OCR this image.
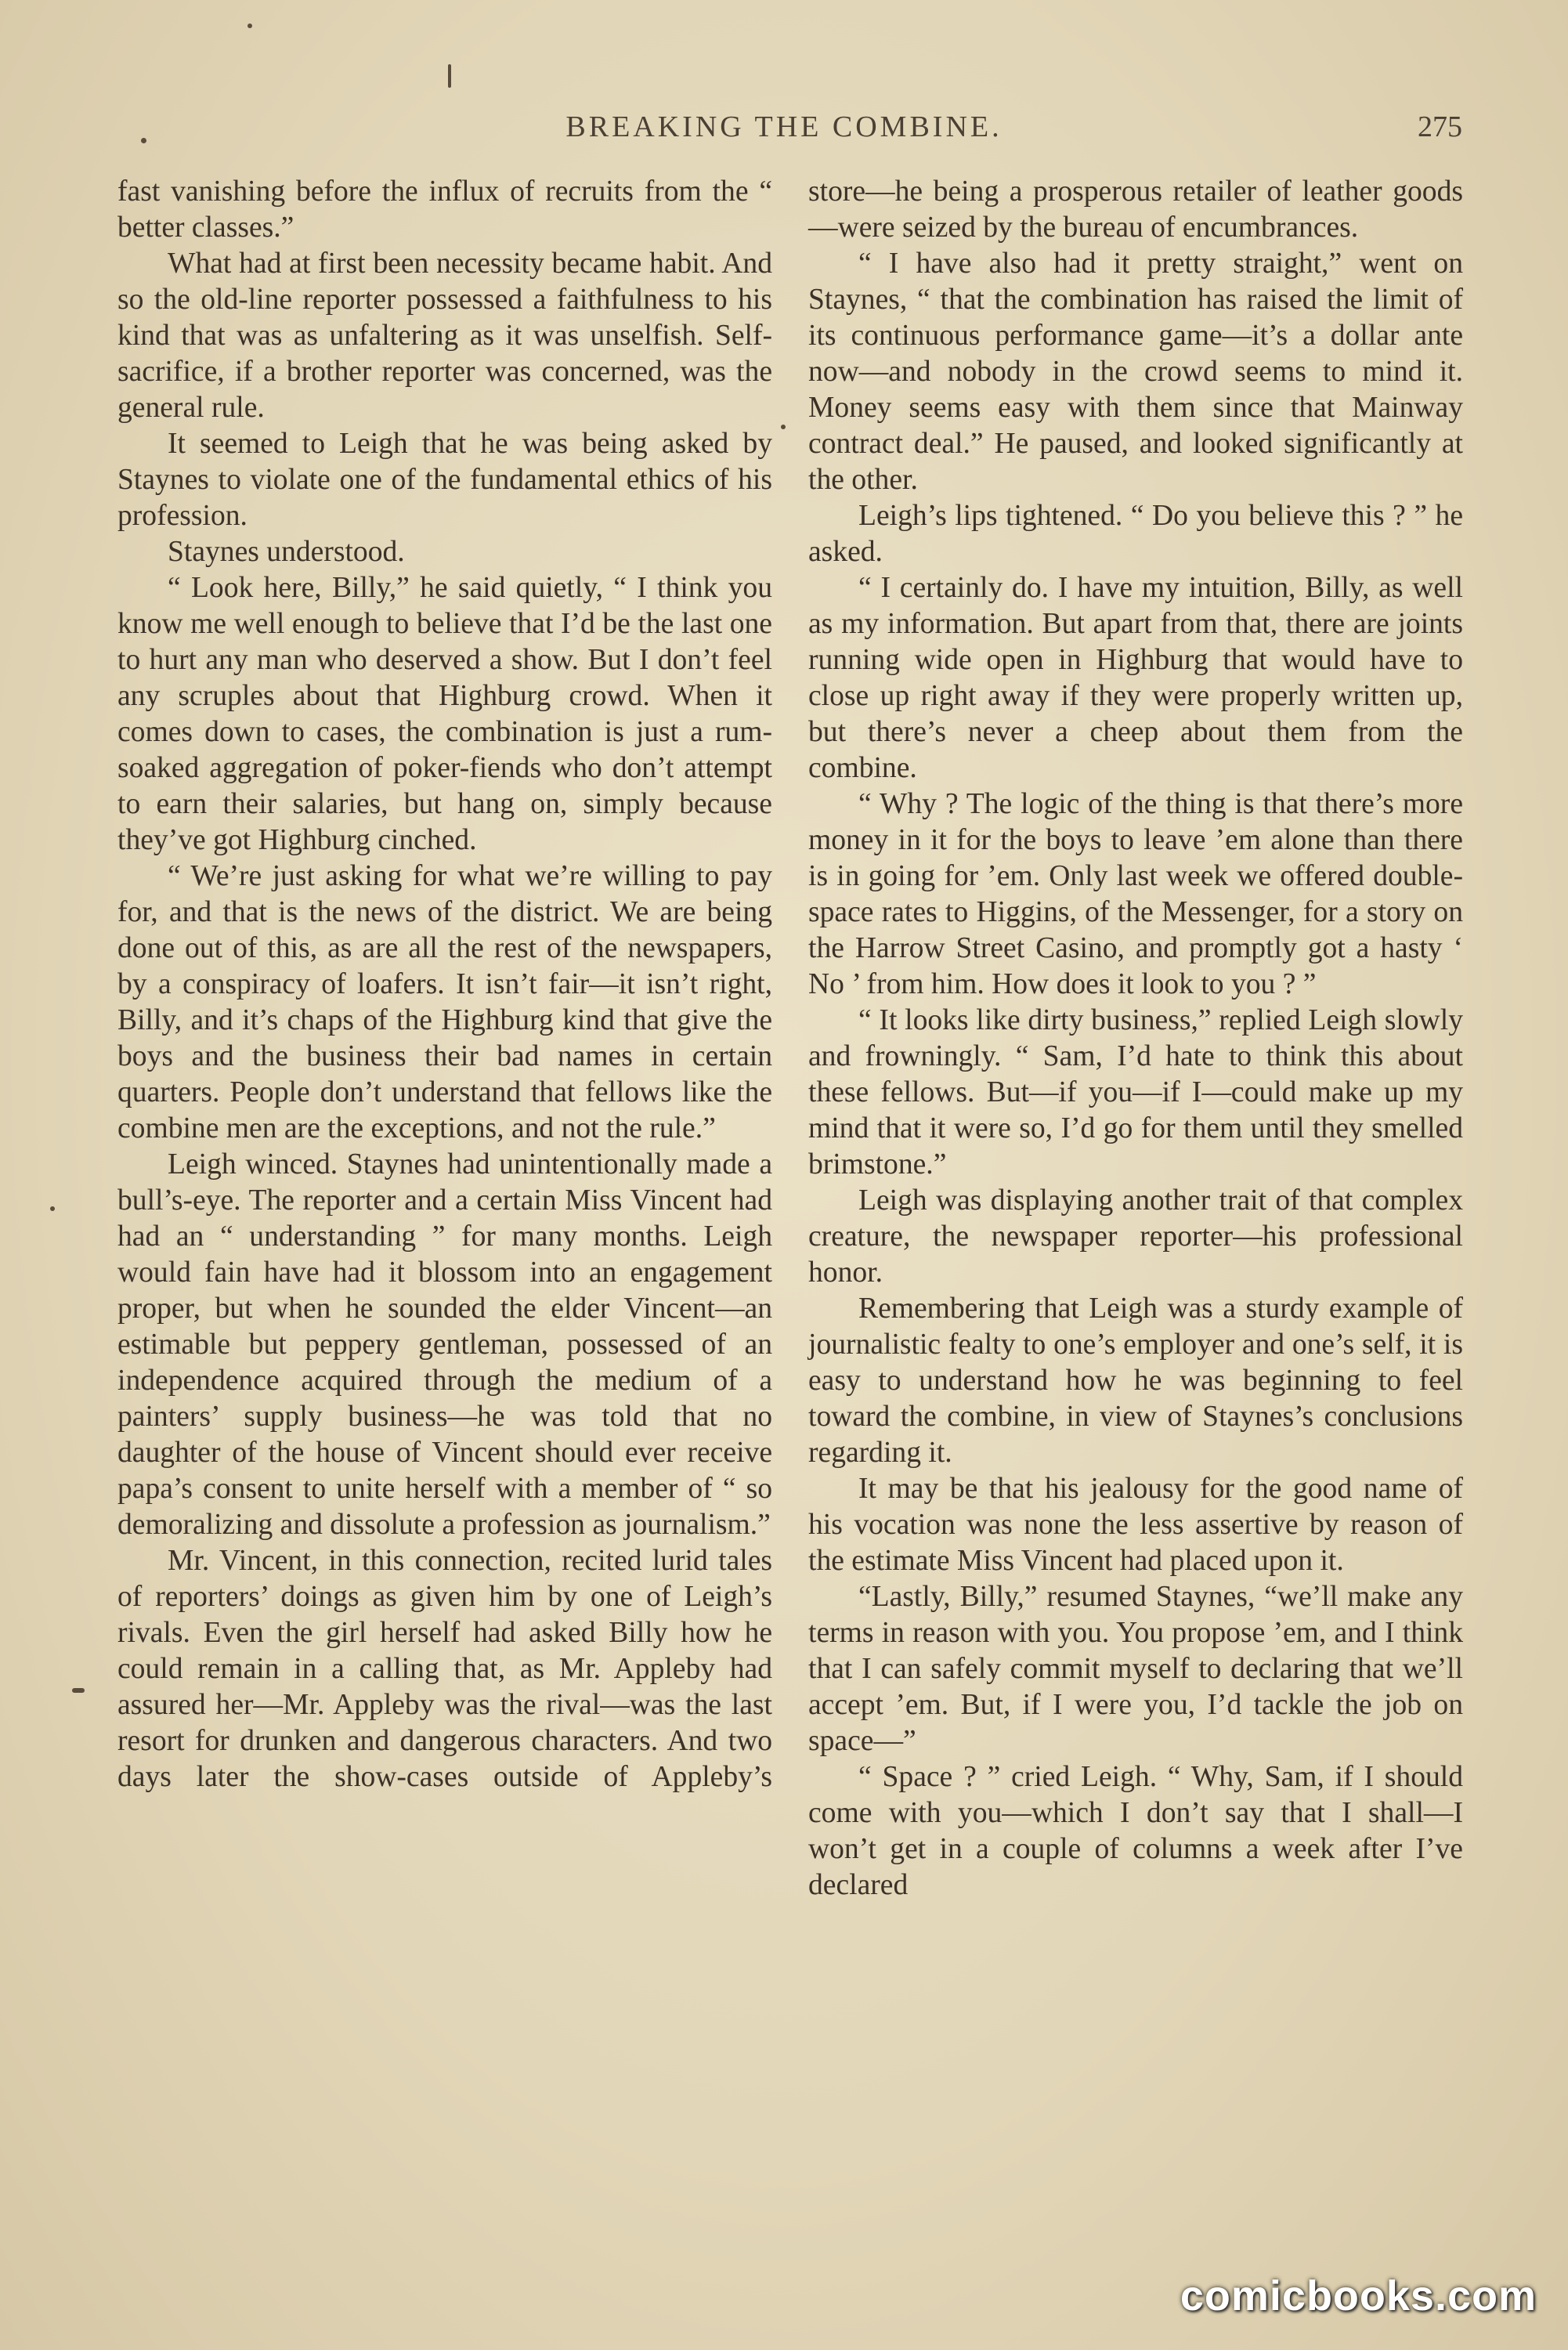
BREAKING THE COMBINE.	275

fast vanishing before the influx of recruits from the “ better classes.”

What had at first been necessity became habit. And so the old-line reporter possessed a faithfulness to his kind that was as unfaltering as it was unselfish. Self-sacrifice, if a brother reporter was concerned, was the general rule.

It seemed to Leigh that he was being asked by Staynes to violate one of the fundamental ethics of his profession.

Staynes understood.

“ Look here, Billy,” he said quietly, “ I think you know me well enough to believe that I’d be the last one to hurt any man who deserved a show. But I don’t feel any scruples about that Highburg crowd. When it comes down to cases, the combination is just a rum-soaked aggregation of poker-fiends who don’t attempt to earn their salaries, but hang on, simply because they’ve got Highburg cinched.

“ We’re just asking for what we’re willing to pay for, and that is the news of the district. We are being done out of this, as are all the rest of the newspapers, by a conspiracy of loafers. It isn’t fair—it isn’t right, Billy, and it’s chaps of the Highburg kind that give the boys and the business their bad names in certain quarters. People don’t understand that fellows like the combine men are the exceptions, and not the rule.”

Leigh winced. Staynes had unintentionally made a bull’s-eye. The reporter and a certain Miss Vincent had had an “ understanding ” for many months. Leigh would fain have had it blossom into an engagement proper, but when he sounded the elder Vincent—an estimable but peppery gentleman, possessed of an independence acquired through the medium of a painters’ supply business—he was told that no daughter of the house of Vincent should ever receive papa’s consent to unite herself with a member of “ so demoralizing and dissolute a profession as journalism.”

Mr. Vincent, in this connection, recited lurid tales of reporters’ doings as given him by one of Leigh’s rivals. Even the girl herself had asked Billy how he could remain in a calling that, as Mr. Appleby had assured her—Mr. Appleby was the rival—was the last resort for drunken and dangerous characters. And two days later the show-cases outside of Appleby’s

store—he being a prosperous retailer of leather goods—were seized by the bureau of encumbrances.

“ I have also had it pretty straight,” went on Staynes, “ that the combination has raised the limit of its continuous performance game—it’s a dollar ante now—and nobody in the crowd seems to mind it. Money seems easy with them since that Mainway contract deal.” He paused, and looked significantly at the other.

Leigh’s lips tightened. “ Do you believe this ? ” he asked.

“ I certainly do. I have my intuition, Billy, as well as my information. But apart from that, there are joints running wide open in Highburg that would have to close up right away if they were properly written up, but there’s never a cheep about them from the combine.

“ Why ? The logic of the thing is that there’s more money in it for the boys to leave ’em alone than there is in going for ’em. Only last week we offered double-space rates to Higgins, of the Messenger, for a story on the Harrow Street Casino, and promptly got a hasty ‘ No ’ from him. How does it look to you ? ”

“ It looks like dirty business,” replied Leigh slowly and frowningly. “ Sam, I’d hate to think this about these fellows. But—if you—if I—could make up my mind that it were so, I’d go for them until they smelled brimstone.”

Leigh was displaying another trait of that complex creature, the newspaper reporter—his professional honor.

Remembering that Leigh was a sturdy example of journalistic fealty to one’s employer and one’s self, it is easy to understand how he was beginning to feel toward the combine, in view of Staynes’s conclusions regarding it.

It may be that his jealousy for the good name of his vocation was none the less assertive by reason of the estimate Miss Vincent had placed upon it.

“Lastly, Billy,” resumed Staynes, “we’ll make any terms in reason with you. You propose ’em, and I think that I can safely commit myself to declaring that we’ll accept ’em. But, if I were you, I’d tackle the job on space—”

“ Space ? ” cried Leigh. “ Why, Sam, if I should come with you—which I don’t say that I shall—I won’t get in a couple of columns a week after I’ve declared

comicbooks.com
